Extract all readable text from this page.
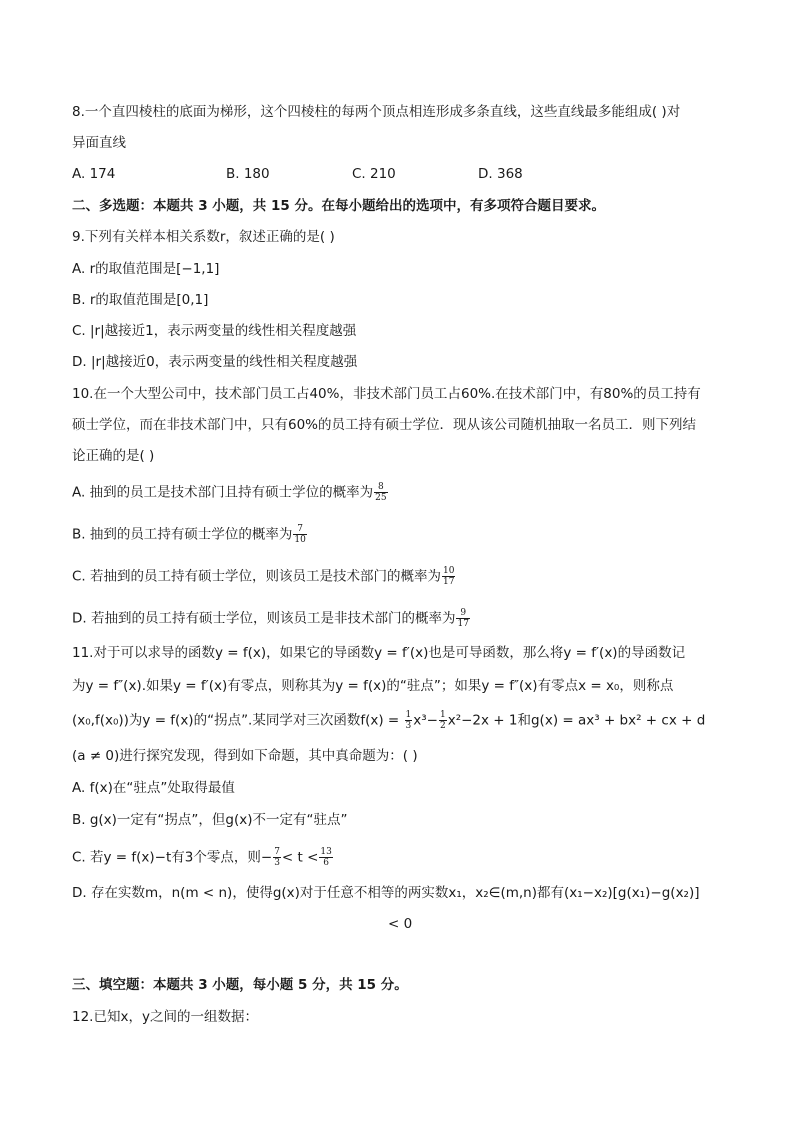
8.一个直四棱柱的底面为梯形，这个四棱柱的每两个顶点相连形成多条直线，这些直线最多能组成( )对
异面直线
A. 174	B. 180	C. 210	D. 368
二、多选题：本题共 3 小题，共 15 分。在每小题给出的选项中，有多项符合题目要求。
9.下列有关样本相关系数r，叙述正确的是( )
A. r的取值范围是[−1,1]
B. r的取值范围是[0,1]
C. |r|越接近1，表示两变量的线性相关程度越强
D. |r|越接近0，表示两变量的线性相关程度越强
10.在一个大型公司中，技术部门员工占40%，非技术部门员工占60%.在技术部门中，有80%的员工持有
硕士学位，而在非技术部门中，只有60%的员工持有硕士学位．现从该公司随机抽取一名员工．则下列结
论正确的是( )
A. 抽到的员工是技术部门且持有硕士学位的概率为 $\frac{8}{25}$
B. 抽到的员工持有硕士学位的概率为 $\frac{7}{10}$
C. 若抽到的员工持有硕士学位，则该员工是技术部门的概率为 $\frac{10}{17}$
D. 若抽到的员工持有硕士学位，则该员工是非技术部门的概率为 $\frac{9}{17}$
11.对于可以求导的函数y = f(x)，如果它的导函数y = f′(x)也是可导函数，那么将y = f′(x)的导函数记
为y = f″(x).如果y = f′(x)有零点，则称其为y = f(x)的“驻点”；如果y = f″(x)有零点x = x₀，则称点
(x₀,f(x₀))为y = f(x)的“拐点”.某同学对三次函数$f(x) = \frac{1}{3} x^3- \frac{1}{2} x^2-2x + 1$和g(x) = ax³ + bx² + cx + d
(a ≠ 0)进行探究发现，得到如下命题，其中真命题为：( )
A. f(x)在“驻点”处取得最值
B. g(x)一定有“拐点”，但g(x)不一定有“驻点”
C. 若y = f(x)−t有3个零点，则− $\frac{7}{3} < t < \frac{13}{6}$
D. 存在实数m，n(m < n)，使得g(x)对于任意不相等的两实数x₁，x₂∈(m,n)都有(x₁−x₂)[g(x₁)−g(x₂)]
< 0
三、填空题：本题共 3 小题，每小题 5 分，共 15 分。
12.已知x，y之间的一组数据：
